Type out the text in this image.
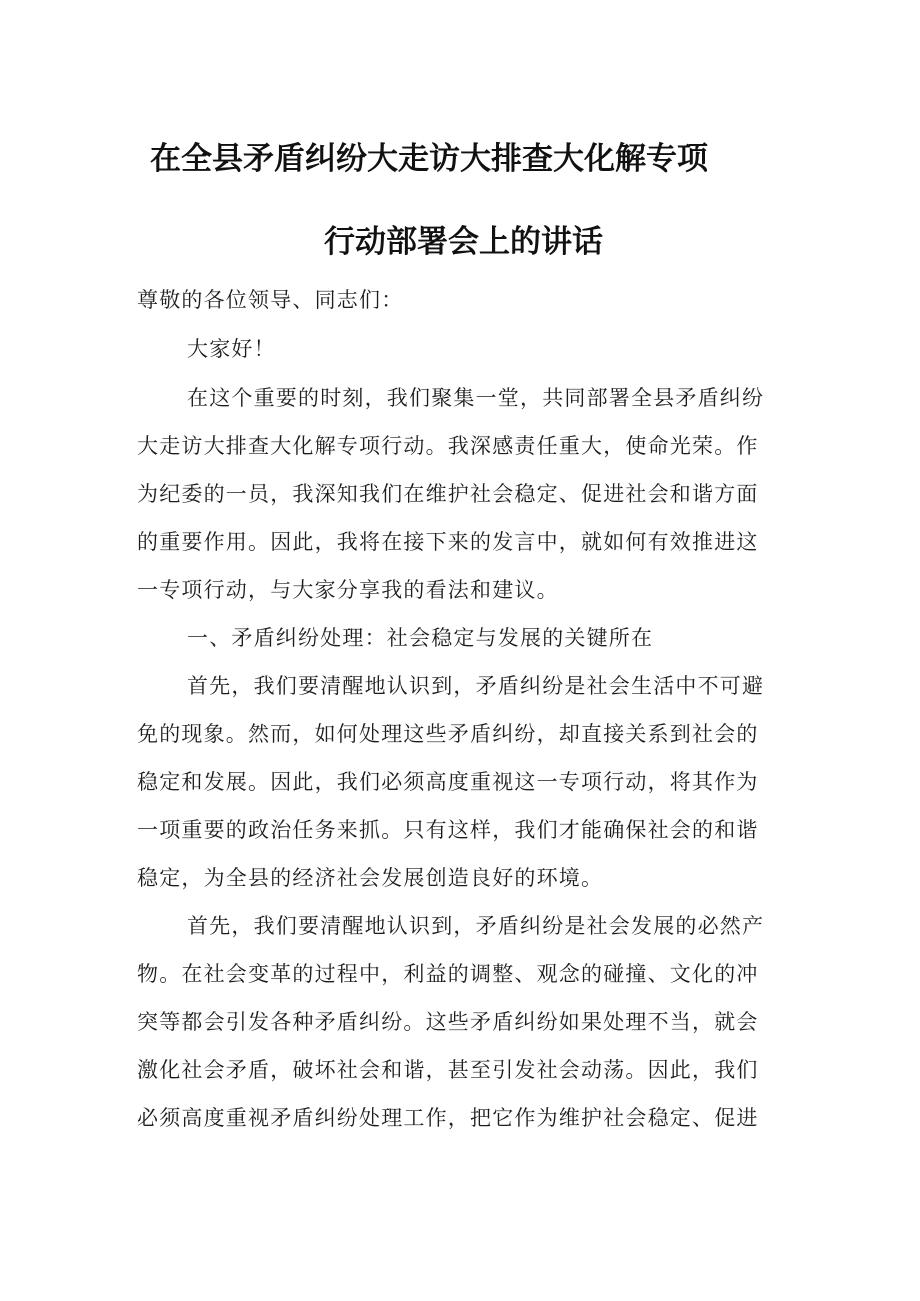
在全县矛盾纠纷大走访大排查大化解专项
行动部署会上的讲话

尊敬的各位领导、同志们：

大家好！

在这个重要的时刻，我们聚集一堂，共同部署全县矛盾纠纷

大走访大排查大化解专项行动。我深感责任重大，使命光荣。作

为纪委的一员，我深知我们在维护社会稳定、促进社会和谐方面

的重要作用。因此，我将在接下来的发言中，就如何有效推进这

一专项行动，与大家分享我的看法和建议。

一、矛盾纠纷处理：社会稳定与发展的关键所在

首先，我们要清醒地认识到，矛盾纠纷是社会生活中不可避

免的现象。然而，如何处理这些矛盾纠纷，却直接关系到社会的

稳定和发展。因此，我们必须高度重视这一专项行动，将其作为

一项重要的政治任务来抓。只有这样，我们才能确保社会的和谐

稳定，为全县的经济社会发展创造良好的环境。

首先，我们要清醒地认识到，矛盾纠纷是社会发展的必然产

物。在社会变革的过程中，利益的调整、观念的碰撞、文化的冲

突等都会引发各种矛盾纠纷。这些矛盾纠纷如果处理不当，就会

激化社会矛盾，破坏社会和谐，甚至引发社会动荡。因此，我们

必须高度重视矛盾纠纷处理工作，把它作为维护社会稳定、促进
